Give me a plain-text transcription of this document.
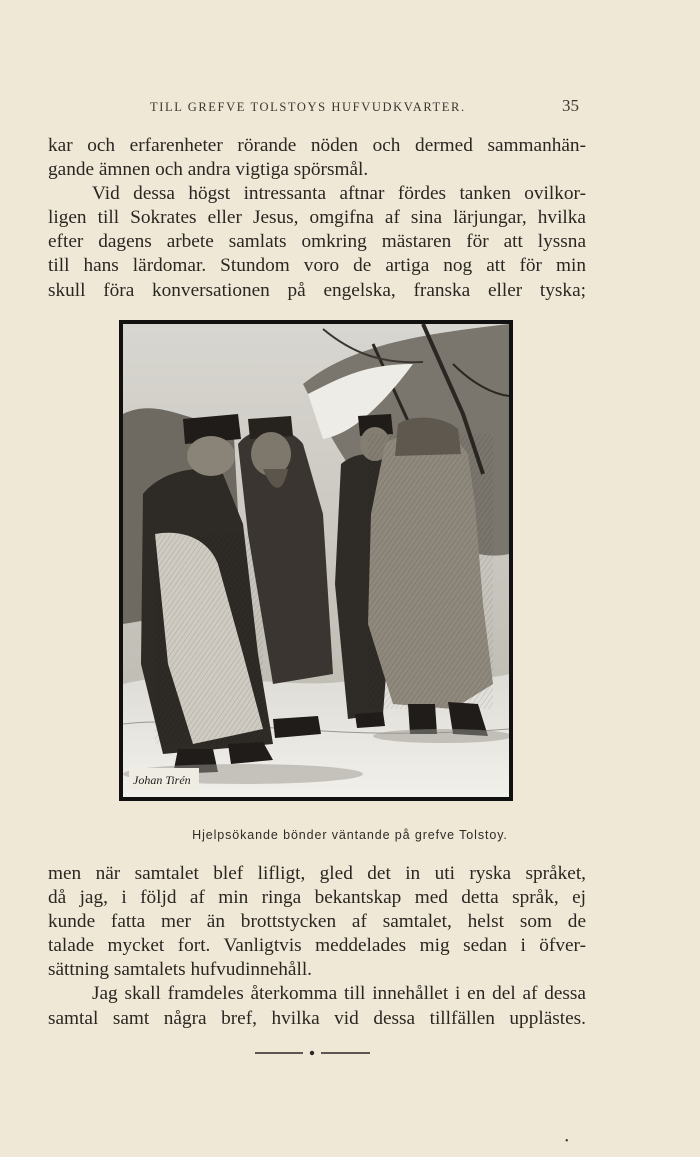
TILL GREFVE TOLSTOYS HUFVUDKVARTER.	35
kar och erfarenheter rörande nöden och dermed sammanhän-
gande ämnen och andra vigtiga spörsmål.
Vid dessa högst intressanta aftnar fördes tanken ovilkor-
ligen till Sokrates eller Jesus, omgifna af sina lärjungar, hvilka
efter dagens arbete samlats omkring mästaren för att lyssna
till hans lärdomar. Stundom voro de artiga nog att för min
skull föra konversationen på engelska, franska eller tyska;
Johan Tirén
Hjelpsökande bönder väntande på grefve Tolstoy.
men när samtalet blef lifligt, gled det in uti ryska språket,
då jag, i följd af min ringa bekantskap med detta språk, ej
kunde fatta mer än brottstycken af samtalet, helst som de
talade mycket fort. Vanligtvis meddelades mig sedan i öfver-
sättning samtalets hufvudinnehåll.
Jag skall framdeles återkomma till innehållet i en del af dessa
samtal samt några bref, hvilka vid dessa tillfällen upplästes.
•
